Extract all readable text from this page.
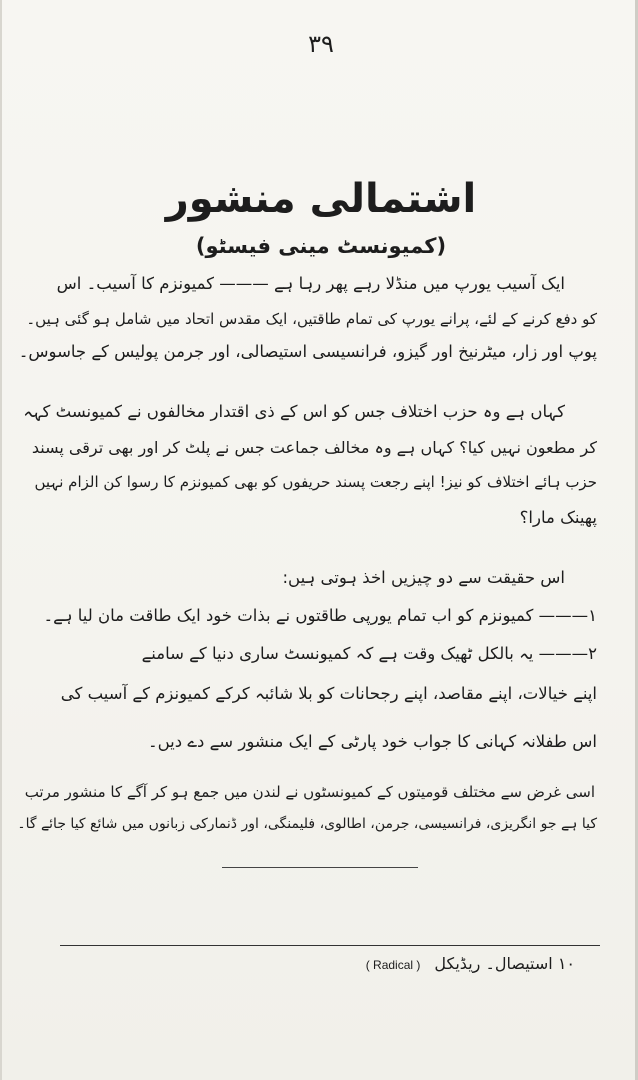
۳۹
اشتمالی منشور
(کمیونسٹ مینی فیسٹو)
ایک آسیب یورپ میں منڈلا رہے پھر رہا ہے ——— کمیونزم کا آسیب۔ اس
کو دفع کرنے کے لئے، پرانے یورپ کی تمام طاقتیں، ایک مقدس اتحاد میں شامل ہو گئی ہیں۔
پوپ اور زار، میٹرنیخ اور گیزو، فرانسیسی استیصالی، اور جرمن پولیس کے جاسوس۔
کہاں ہے وہ حزب اختلاف جس کو اس کے ذی اقتدار مخالفوں نے کمیونسٹ کہہ
کر مطعون نہیں کیا؟ کہاں ہے وہ مخالف جماعت جس نے پلٹ کر اور بھی ترقی پسند
حزب ہائے اختلاف کو نیز! اپنے رجعت پسند حریفوں کو بھی کمیونزم کا رسوا کن الزام نہیں
پھینک مارا؟
اس حقیقت سے دو چیزیں اخذ ہوتی ہیں:
۱——— کمیونزم کو اب تمام یورپی طاقتوں نے بذات خود ایک طاقت مان لیا ہے۔
۲——— یہ بالکل ٹھیک وقت ہے کہ کمیونسٹ ساری دنیا کے سامنے
اپنے خیالات، اپنے مقاصد، اپنے رجحانات کو بلا شائبہ کرکے کمیونزم کے آسیب کی
اس طفلانہ کہانی کا جواب خود پارٹی کے ایک منشور سے دے دیں۔
اسی غرض سے مختلف قومیتوں کے کمیونسٹوں نے لندن میں جمع ہو کر آگے کا منشور مرتب
کیا ہے جو انگریزی، فرانسیسی، جرمن، اطالوی، فلیمنگی، اور ڈنمارکی زبانوں میں شائع کیا جائے گا۔
۱۰ استیصال۔ ریڈیکل( Radical )
